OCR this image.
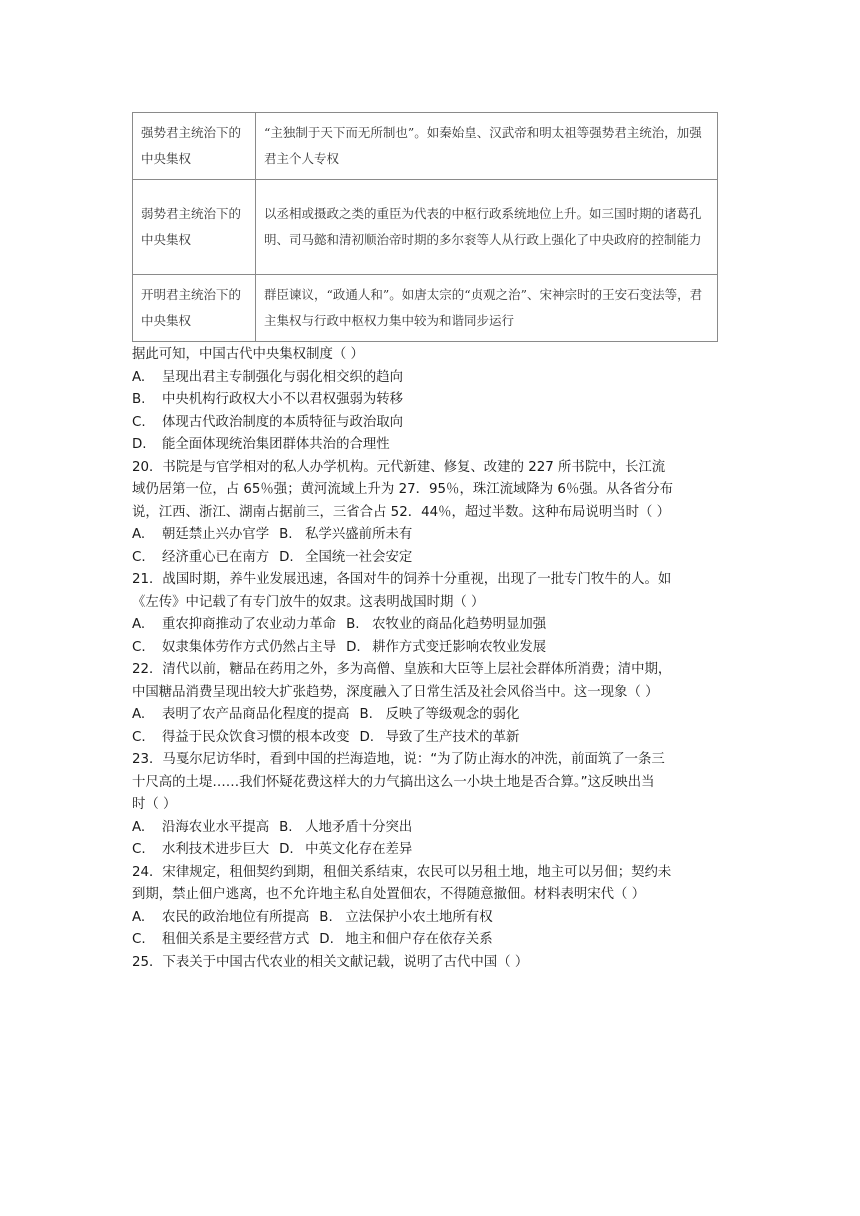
强势君主统治下的中央集权	“主独制于天下而无所制也”。如秦始皇、汉武帝和明太祖等强势君主统治，加强君主个人专权
弱势君主统治下的中央集权	以丞相或摄政之类的重臣为代表的中枢行政系统地位上升。如三国时期的诸葛孔明、司马懿和清初顺治帝时期的多尔衮等人从行政上强化了中央政府的控制能力
开明君主统治下的中央集权	群臣谏议，“政通人和”。如唐太宗的“贞观之治”、宋神宗时的王安石变法等，君主集权与行政中枢权力集中较为和谐同步运行
据此可知，中国古代中央集权制度（ ）
A. 呈现出君主专制强化与弱化相交织的趋向
B. 中央机构行政权大小不以君权强弱为转移
C. 体现古代政治制度的本质特征与政治取向
D. 能全面体现统治集团群体共治的合理性
20．书院是与官学相对的私人办学机构。元代新建、修复、改建的 227 所书院中，长江流
域仍居第一位，占 65％强；黄河流域上升为 27．95％，珠江流域降为 6％强。从各省分布
说，江西、浙江、湖南占据前三，三省合占 52．44％，超过半数。这种布局说明当时（ ）
A. 朝廷禁止兴办官学 B. 私学兴盛前所未有
C. 经济重心已在南方 D. 全国统一社会安定
21．战国时期，养牛业发展迅速，各国对牛的饲养十分重视，出现了一批专门牧牛的人。如
《左传》中记载了有专门放牛的奴隶。这表明战国时期（ ）
A. 重农抑商推动了农业动力革命 B. 农牧业的商品化趋势明显加强
C. 奴隶集体劳作方式仍然占主导 D. 耕作方式变迁影响农牧业发展
22．清代以前，糖品在药用之外，多为高僧、皇族和大臣等上层社会群体所消费；清中期，
中国糖品消费呈现出较大扩张趋势，深度融入了日常生活及社会风俗当中。这一现象（ ）
A. 表明了农产品商品化程度的提高 B. 反映了等级观念的弱化
C. 得益于民众饮食习惯的根本改变 D. 导致了生产技术的革新
23．马戛尔尼访华时，看到中国的拦海造地，说：“为了防止海水的冲洗，前面筑了一条三
十尺高的土堤……我们怀疑花费这样大的力气搞出这么一小块土地是否合算。”这反映出当
时（ ）
A. 沿海农业水平提高 B. 人地矛盾十分突出
C. 水利技术进步巨大 D. 中英文化存在差异
24．宋律规定，租佃契约到期，租佃关系结束，农民可以另租土地，地主可以另佃；契约未
到期，禁止佃户逃离，也不允许地主私自处置佃农，不得随意撤佃。材料表明宋代（ ）
A. 农民的政治地位有所提高 B. 立法保护小农土地所有权
C. 租佃关系是主要经营方式 D. 地主和佃户存在依存关系
25．下表关于中国古代农业的相关文献记载，说明了古代中国（ ）
